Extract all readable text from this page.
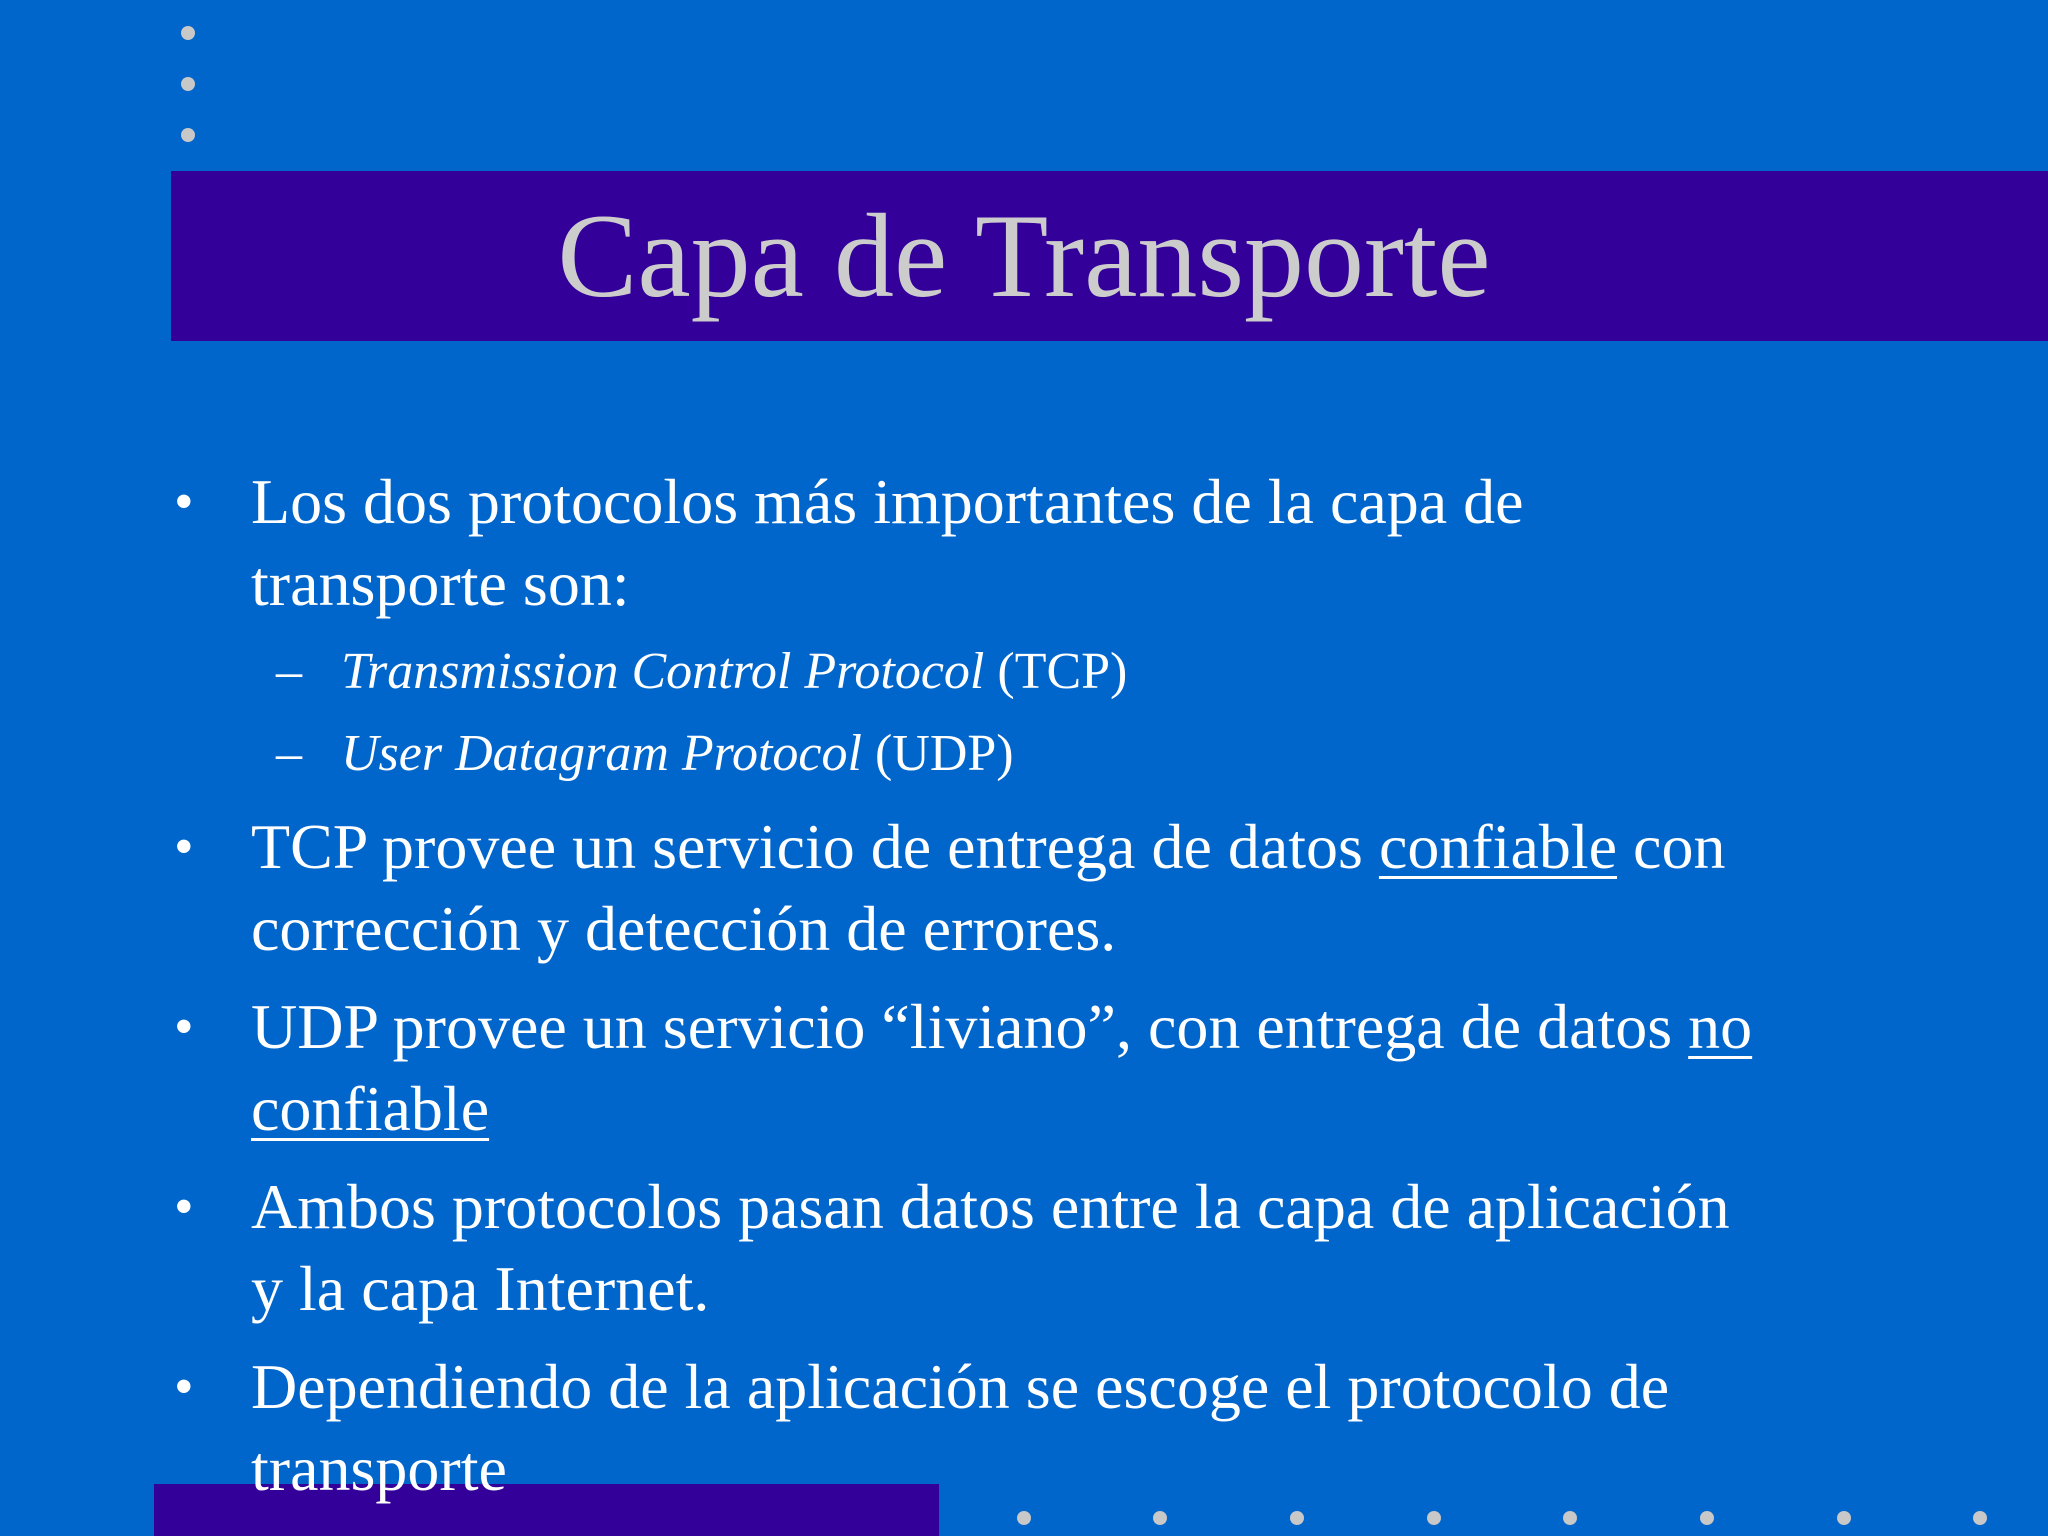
Capa de Transporte
• Los dos protocolos más importantes de la capa de
transporte son:
– Transmission Control Protocol (TCP)
– User Datagram Protocol (UDP)
• TCP provee un servicio de entrega de datos confiable con
corrección y detección de errores.
• UDP provee un servicio “liviano”, con entrega de datos no
confiable
• Ambos protocolos pasan datos entre la capa de aplicación
y la capa Internet.
• Dependiendo de la aplicación se escoge el protocolo de
transporte
